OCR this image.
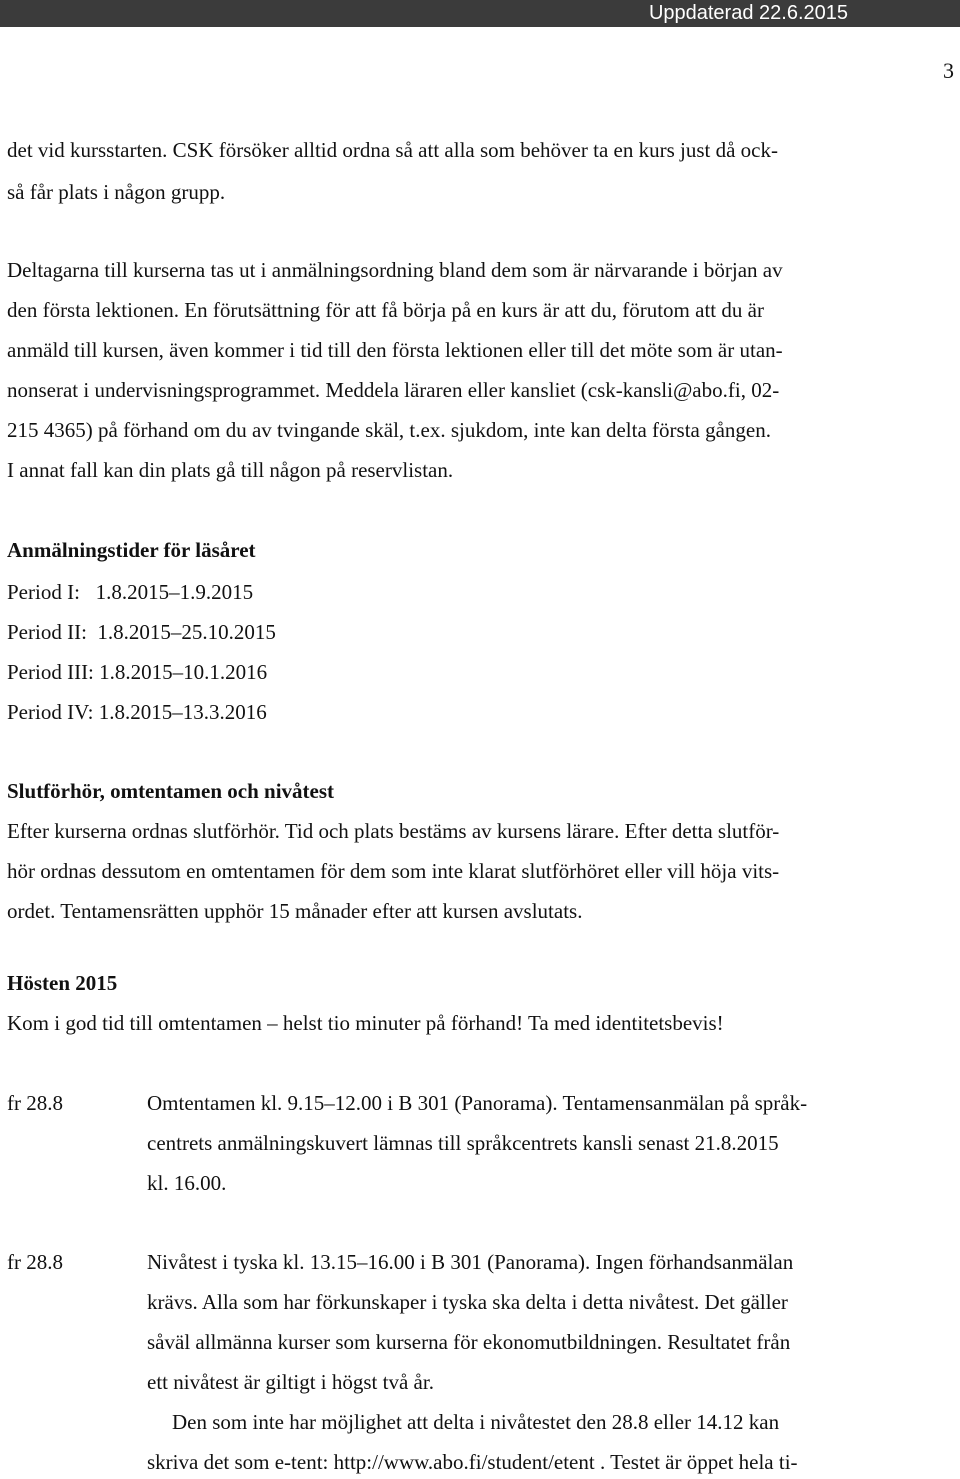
Uppdaterad 22.6.2015
3
det vid kursstarten. CSK försöker alltid ordna så att alla som behöver ta en kurs just då ock-
så får plats i någon grupp.
Deltagarna till kurserna tas ut i anmälningsordning bland dem som är närvarande i början av
den första lektionen. En förutsättning för att få börja på en kurs är att du, förutom att du är
anmäld till kursen, även kommer i tid till den första lektionen eller till det möte som är utan-
nonserat i undervisningsprogrammet. Meddela läraren eller kansliet (csk-kansli@abo.fi, 02-
215 4365) på förhand om du av tvingande skäl, t.ex. sjukdom, inte kan delta första gången.
I annat fall kan din plats gå till någon på reservlistan.
Anmälningstider för läsåret
Period I:   1.8.2015–1.9.2015
Period II:  1.8.2015–25.10.2015
Period III: 1.8.2015–10.1.2016
Period IV: 1.8.2015–13.3.2016
Slutförhör, omtentamen och nivåtest
Efter kurserna ordnas slutförhör. Tid och plats bestäms av kursens lärare. Efter detta slutför-
hör ordnas dessutom en omtentamen för dem som inte klarat slutförhöret eller vill höja vits-
ordet. Tentamensrätten upphör 15 månader efter att kursen avslutats.
Hösten 2015
Kom i god tid till omtentamen – helst tio minuter på förhand! Ta med identitetsbevis!
fr 28.8	Omtentamen kl. 9.15–12.00 i B 301 (Panorama). Tentamensanmälan på språk-
centrets anmälningskuvert lämnas till språkcentrets kansli senast 21.8.2015
kl. 16.00.
fr 28.8	Nivåtest i tyska kl. 13.15–16.00 i B 301 (Panorama). Ingen förhandsanmälan
krävs. Alla som har förkunskaper i tyska ska delta i detta nivåtest. Det gäller
såväl allmänna kurser som kurserna för ekonomutbildningen. Resultatet från
ett nivåtest är giltigt i högst två år.
Den som inte har möjlighet att delta i nivåtestet den 28.8 eller 14.12 kan
skriva det som e-tent: http://www.abo.fi/student/etent . Testet är öppet hela ti-
